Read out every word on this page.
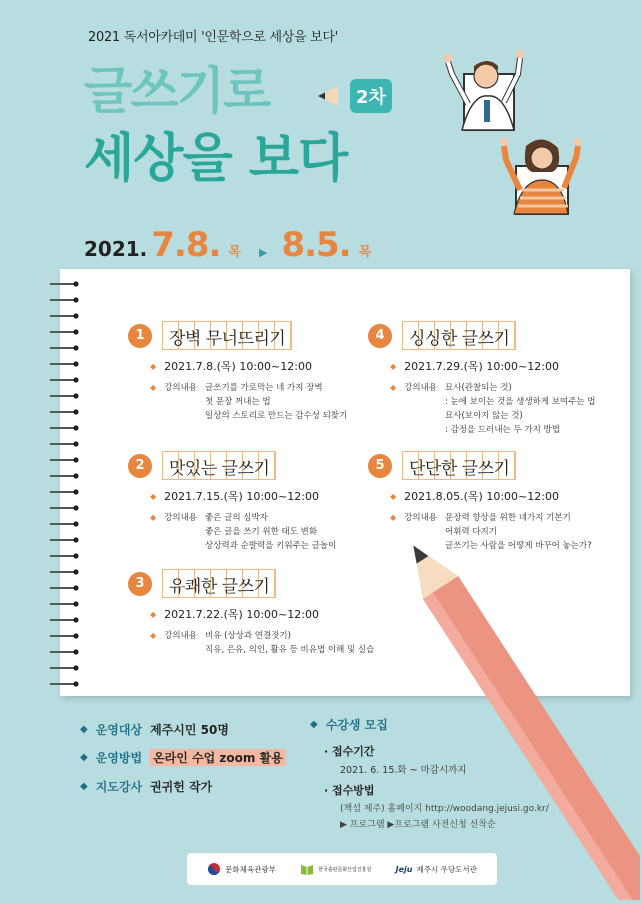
2021 독서아카데미 '인문학으로 세상을 보다'
글쓰기로
세상을 보다
2차
2021. 7.8. 목 ▶ 8.5. 목
1	장벽 무너뜨리기
◆ 2021.7.8.(목) 10:00~12:00
◆ 강의내용 글쓰기를 가로막는 네 가지 장벽
첫 문장 꺼내는 법
일상의 스토리로 만드는 감수성 되찾기
2	맛있는 글쓰기
◆ 2021.7.15.(목) 10:00~12:00
◆ 강의내용 좋은 글의 심박자
좋은 글을 쓰기 위한 태도 변화
상상력과 순발력을 키워주는 글놀이
3	유쾌한 글쓰기
◆ 2021.7.22.(목) 10:00~12:00
◆ 강의내용 비유 (상상과 연결짓기)
직유, 은유, 의인, 활유 등 비유법 이해 및 실습
4	싱싱한 글쓰기
◆ 2021.7.29.(목) 10:00~12:00
◆ 강의내용 묘사(관찰되는 것)
: 눈에 보이는 것을 생생하게 보여주는 법
묘사(보이지 않는 것)
: 감정을 드러내는 두 가지 방법
5	단단한 글쓰기
◆ 2021.8.05.(목) 10:00~12:00
◆ 강의내용 문장력 향상을 위한 네가지 기본기
어휘력 다지기
글쓰기는 사람을 어떻게 바꾸어 놓는가?
◆ 운영대상 제주시민 50명
◆ 운영방법 온라인 수업 zoom 활용
◆ 지도강사 권귀헌 작가
◆ 수강생 모집
· 접수기간
2021. 6. 15.화 ~ 마감시까지
· 접수방법
(책섬 제주) 홈페이지 http://woodang.jejusi.go.kr/
▶ 프로그램 ▶프로그램 사전신청 선착순
문화체육관광부	한국출판문화산업진흥원	Jeju 제주시 우당도서관
